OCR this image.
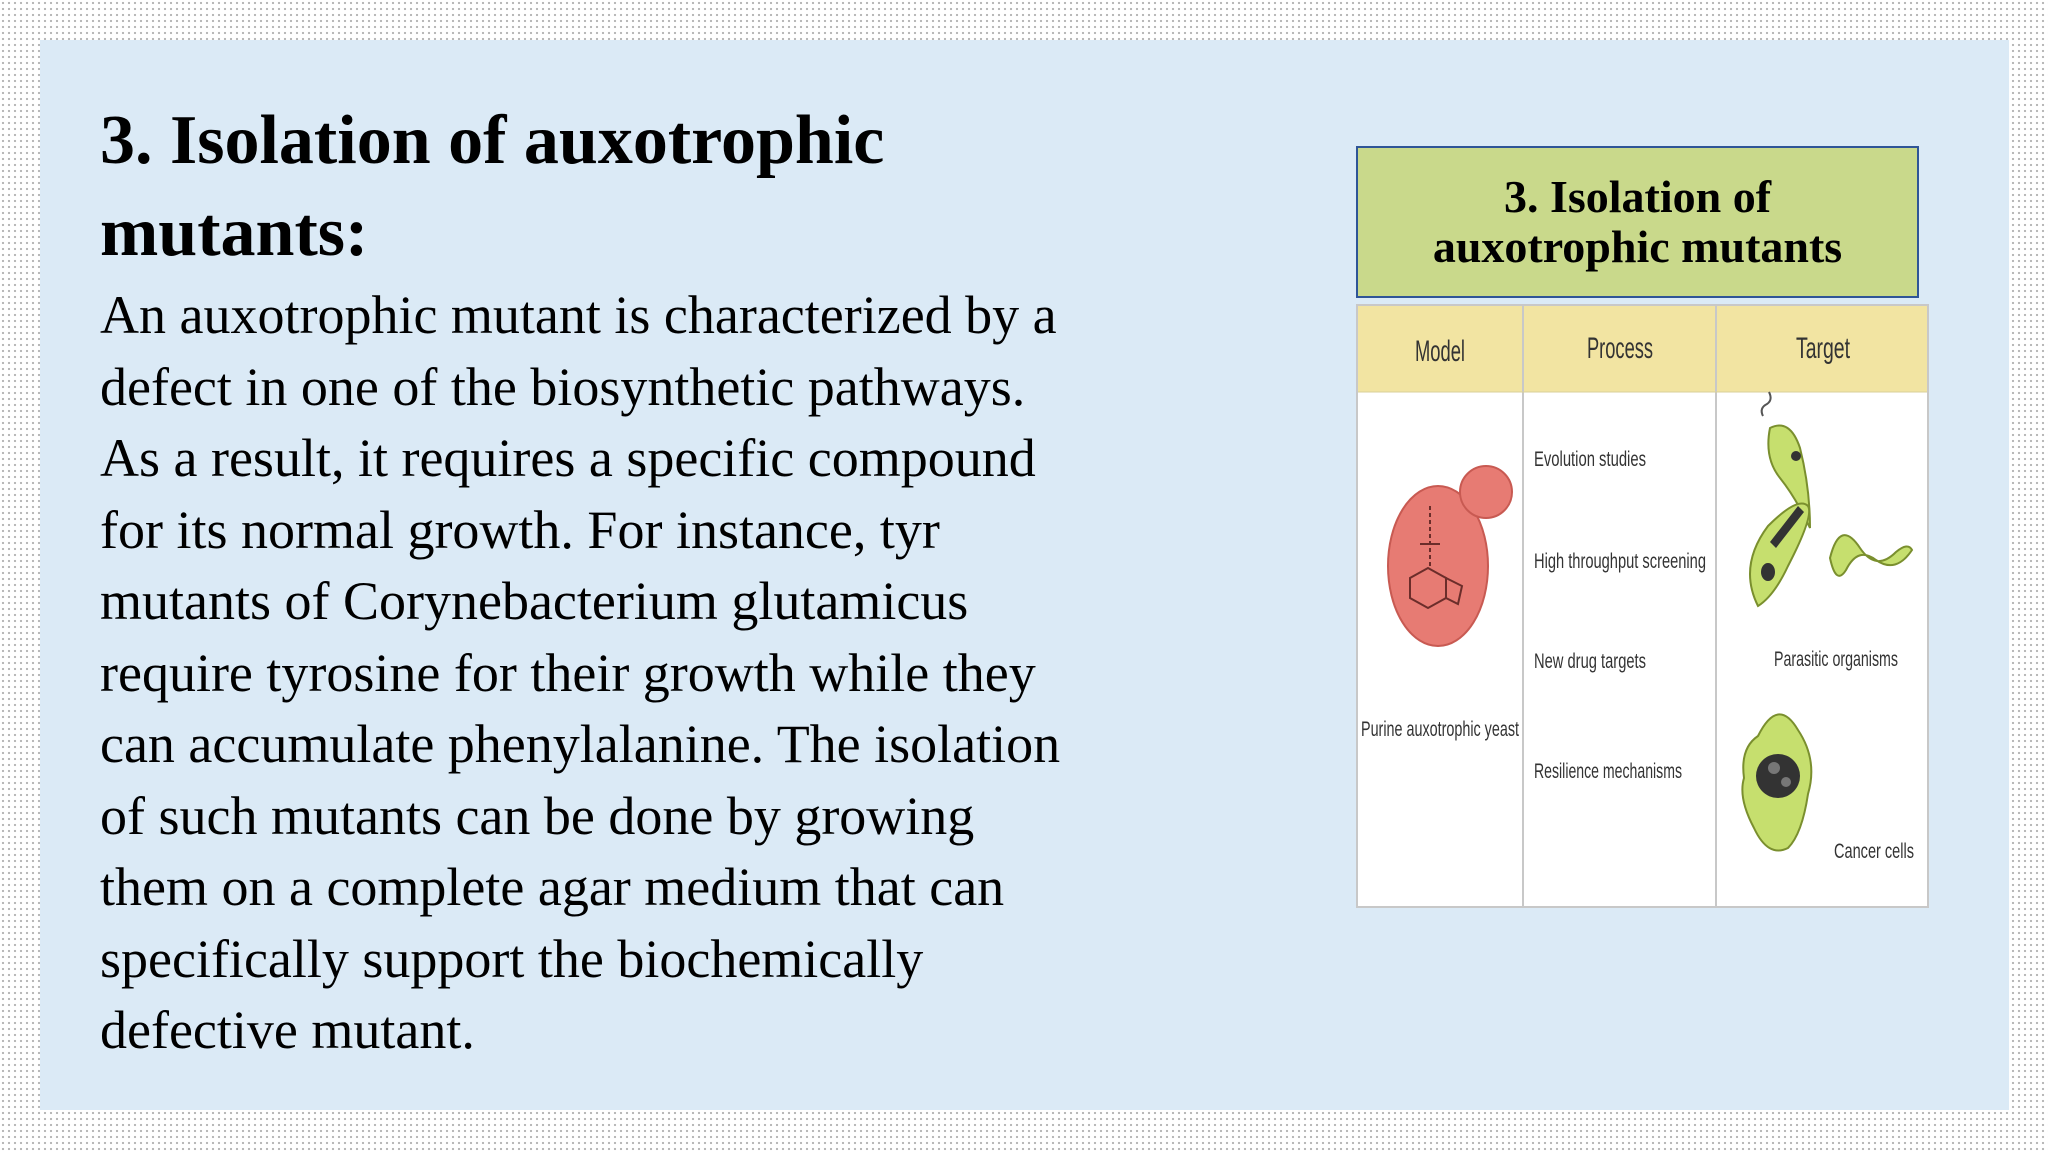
3. Isolation of auxotrophic
mutants:

An auxotrophic mutant is characterized by a
defect in one of the biosynthetic pathways.
As a result, it requires a specific compound
for its normal growth. For instance, tyr
mutants of Corynebacterium glutamicus
require tyrosine for their growth while they
can accumulate phenylalanine. The isolation
of such mutants can be done by growing
them on a complete agar medium that can
specifically support the biochemically
defective mutant.

3. Isolation of
auxotrophic mutants
Model	Process	Target
Purine auxotrophic yeast
Evolution studies
High throughput screening
New drug targets
Resilience mechanisms
Parasitic organisms
Cancer cells
